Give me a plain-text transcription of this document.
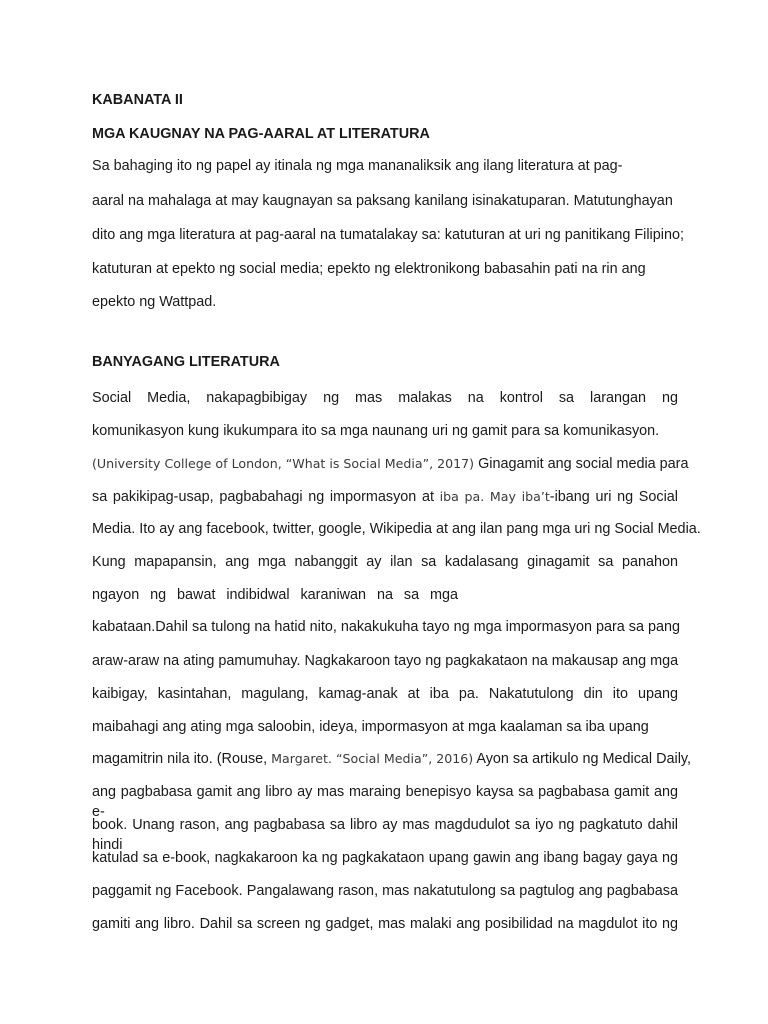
KABANATA II

MGA KAUGNAY NA PAG-AARAL AT LITERATURA

Sa bahaging ito ng papel ay itinala ng mga mananaliksik ang ilang literatura at pag-

aaral na mahalaga at may kaugnayan sa paksang kanilang isinakatuparan. Matutunghayan

dito ang mga literatura at pag-aaral na tumatalakay sa: katuturan at uri ng panitikang Filipino;

katuturan at epekto ng social media; epekto ng elektronikong babasahin pati na rin ang

epekto ng Wattpad.

BANYAGANG LITERATURA

Social Media, nakapagbibigay ng mas malakas na kontrol sa larangan ng

komunikasyon kung ikukumpara ito sa mga naunang uri ng gamit para sa komunikasyon.

(University College of London, “What is Social Media”, 2017) Ginagamit ang social media para

sa pakikipag-usap, pagbabahagi ng impormasyon at iba pa. May iba’t-ibang uri ng Social

Media. Ito ay ang facebook, twitter, google, Wikipedia at ang ilan pang mga uri ng Social Media.

Kung mapapansin, ang mga nabanggit ay ilan sa kadalasang ginagamit sa panahon

ngayon ng bawat indibidwal karaniwan na sa mga

kabataan.Dahil sa tulong na hatid nito, nakakukuha tayo ng mga impormasyon para sa pang

araw-araw na ating pamumuhay. Nagkakaroon tayo ng pagkakataon na makausap ang mga

kaibigay, kasintahan, magulang, kamag-anak at iba pa. Nakatutulong din ito upang

maibahagi ang ating mga saloobin, ideya, impormasyon at mga kaalaman sa iba upang

magamitrin nila ito. (Rouse, Margaret. “Social Media”, 2016) Ayon sa artikulo ng Medical Daily,

ang pagbabasa gamit ang libro ay mas maraing benepisyo kaysa sa pagbabasa gamit ang e-

book. Unang rason, ang pagbabasa sa libro ay mas magdudulot sa iyo ng pagkatuto dahil hindi

katulad sa e-book, nagkakaroon ka ng pagkakataon upang gawin ang ibang bagay gaya ng

paggamit ng Facebook. Pangalawang rason, mas nakatutulong sa pagtulog ang pagbabasa

gamiti ang libro. Dahil sa screen ng gadget, mas malaki ang posibilidad na magdulot ito ng
